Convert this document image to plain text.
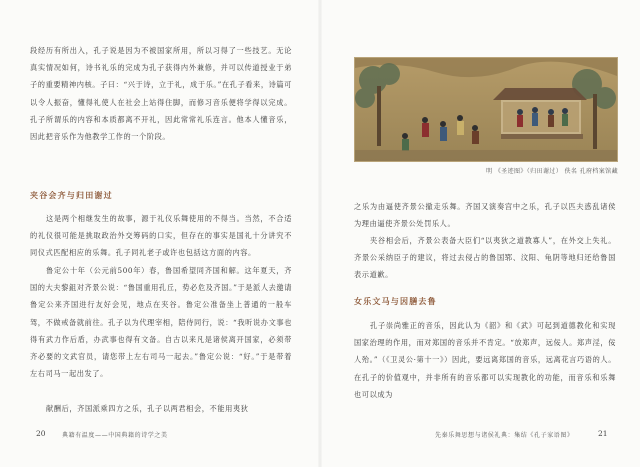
段经历有所出入，孔子说是因为不被国家所用，所以习得了一些技艺。无论真实情况如何，诗书礼乐的完成为孔子获得内外兼修，并可以传道授业于弟子的重要精神内核。子曰：“兴于诗，立于礼，成于乐。”在孔子看来，诗篇可以令人振奋，懂得礼使人在社会上站得住脚，而修习音乐便将学得以完成。孔子所谓乐的内容和本质都离不开礼，因此常常礼乐连言。他本人懂音乐，因此把音乐作为他教学工作的一个阶段。

夹谷会齐与归田谢过

这是两个相继发生的故事，源于礼仪乐舞使用的不得当。当然，不合适的礼仪很可能是挑取政治外交筹码的口实，但存在的事实是国礼十分讲究不同仪式匹配相应的乐舞。孔子同礼老子或许也包括这方面的内容。

鲁定公十年（公元前500年）春，鲁国希望同齐国和解。这年夏天，齐国的大夫黎鉏对齐景公说：“鲁国重用孔丘，势必危及齐国。”于是派人去邀请鲁定公来齐国进行友好会见，地点在夹谷。鲁定公准备坐上普通的一般车驾，不做戒备就前往。孔子以为代理宰相，陪侍同行，说：“我听说办文事也得有武力作后盾，办武事也得有文备。自古以来凡是诸侯离开国家，必须带齐必要的文武官员，请您带上左右司马一起去。”鲁定公说：“好。”于是带着左右司马一起出发了。

献酬后，齐国派乘四方之乐，孔子以两君相会，不能用夷狄

20	典籍有温度——中国典籍的诗学之美
明 《圣迹图》（归田谢过） 佚名 孔府档案馆藏

之乐为由逼使齐景公撤走乐舞。齐国又演奏宫中之乐，孔子以匹夫惑乱诸侯为理由逼使齐景公处罚乐人。

夹谷相会后，齐景公表备大臣们“以夷狄之道教寡人”，在外交上失礼。齐景公采纳臣子的建议，将过去侵占的鲁国郓、汶阳、龟阴等地归还给鲁国表示道歉。

女乐文马与因膳去鲁

孔子崇尚雅正的音乐，因此认为《韶》和《武》可起到道德教化和实现国家治理的作用，而对郑国的音乐并不肯定。“放郑声，远佞人。郑声淫，佞人殆。”（《卫灵公·第十一》）因此，要远离郑国的音乐，远离花言巧语的人。在孔子的价值观中，并非所有的音乐都可以实现教化的功能，而音乐和乐舞也可以成为

先秦乐舞思想与诸侯礼典：集结《孔子家语图》	21
